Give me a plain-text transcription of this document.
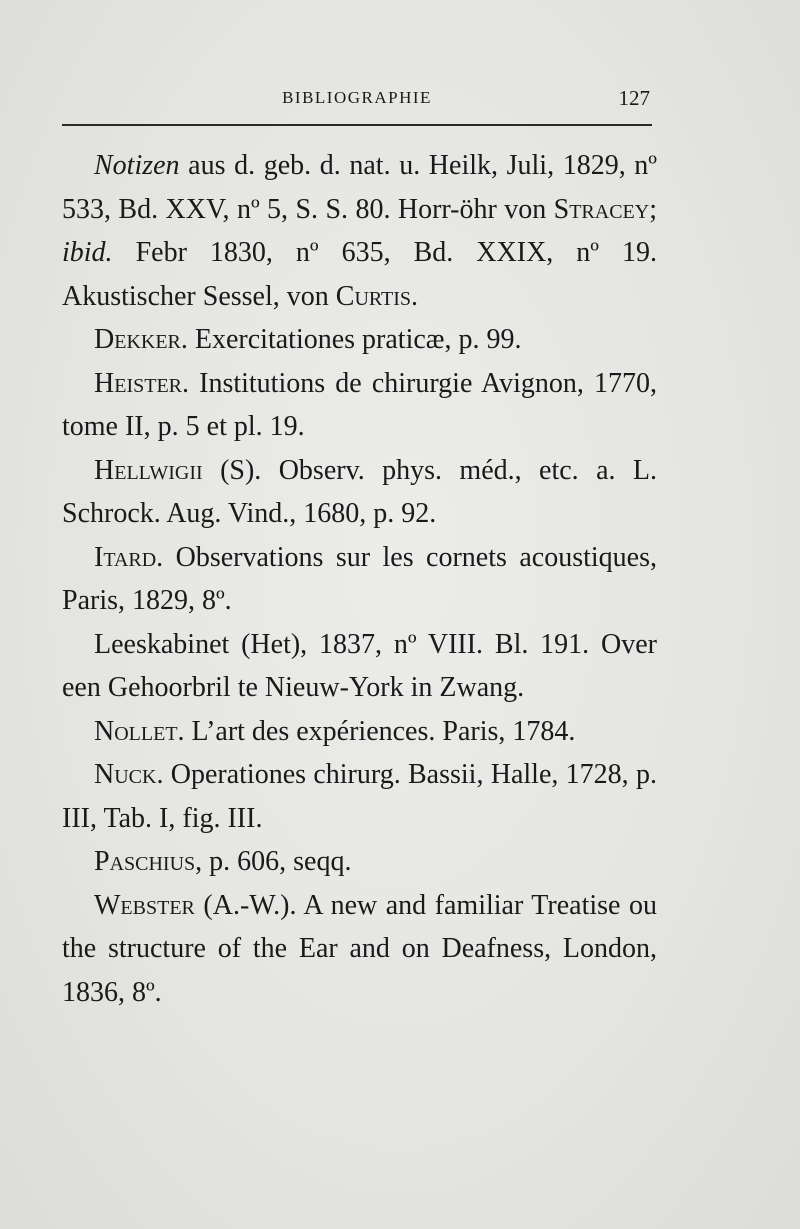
BIBLIOGRAPHIE	127

Notizen aus d. geb. d. nat. u. Heilk, Juli, 1829, nº 533, Bd. XXV, nº 5, S. S. 80. Horr-öhr von Stracey; ibid. Febr 1830, nº 635, Bd. XXIX, nº 19. Akustischer Sessel, von Curtis.

Dekker. Exercitationes praticæ, p. 99.

Heister. Institutions de chirurgie Avignon, 1770, tome II, p. 5 et pl. 19.

Hellwigii (S). Observ. phys. méd., etc. a. L. Schrock. Aug. Vind., 1680, p. 92.

Itard. Observations sur les cornets acoustiques, Paris, 1829, 8º.

Leeskabinet (Het), 1837, nº VIII. Bl. 191. Over een Gehoorbril te Nieuw-York in Zwang.

Nollet. L’art des expériences. Paris, 1784.

Nuck. Operationes chirurg. Bassii, Halle, 1728, p. III, Tab. I, fig. III.

Paschius, p. 606, seqq.

Webster (A.-W.). A new and familiar Treatise ou the structure of the Ear and on Deafness, London, 1836, 8º.
